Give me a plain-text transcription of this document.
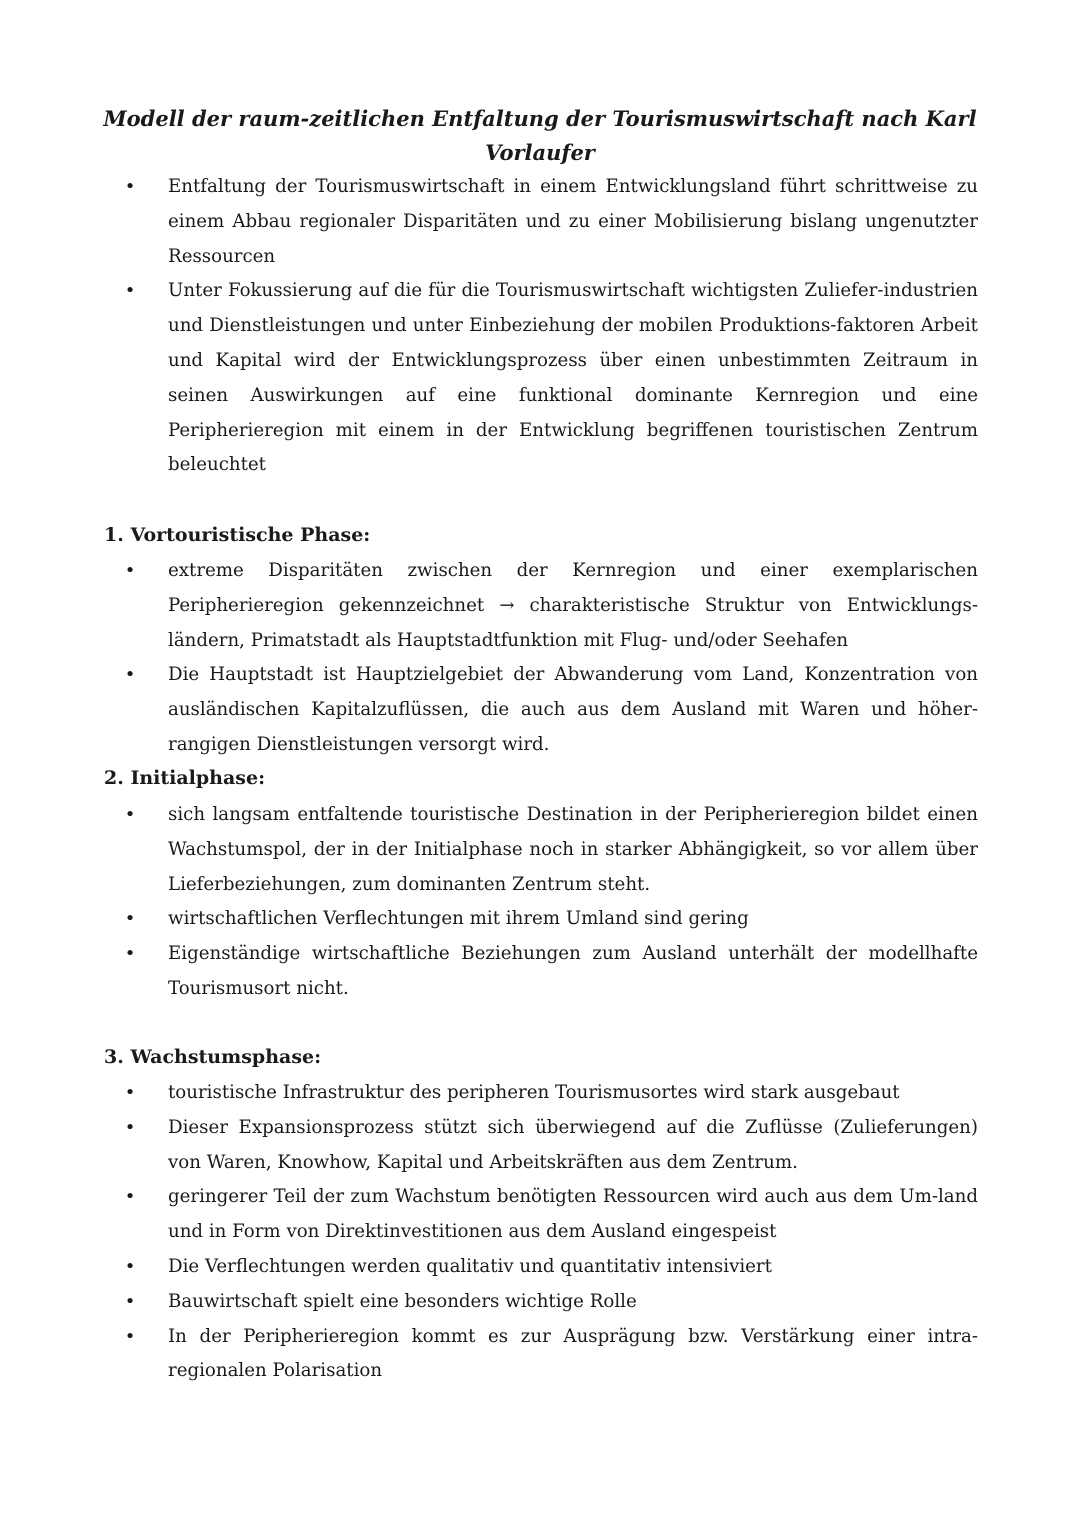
Modell der raum-zeitlichen Entfaltung der Tourismuswirtschaft nach Karl Vorlaufer
• Entfaltung der Tourismuswirtschaft in einem Entwicklungsland führt schrittweise zu einem Abbau regionaler Disparitäten und zu einer Mobilisierung bislang ungenutzter Ressourcen
• Unter Fokussierung auf die für die Tourismuswirtschaft wichtigsten Zuliefer-industrien und Dienstleistungen und unter Einbeziehung der mobilen Produktions-faktoren Arbeit und Kapital wird der Entwicklungsprozess über einen unbestimmten Zeitraum in seinen Auswirkungen auf eine funktional dominante Kernregion und eine Peripherieregion mit einem in der Entwicklung begriffenen touristischen Zentrum beleuchtet
1. Vortouristische Phase:
• extreme Disparitäten zwischen der Kernregion und einer exemplarischen Peripherieregion gekennzeichnet → charakteristische Struktur von Entwicklungs-ländern, Primatstadt als Hauptstadtfunktion mit Flug- und/oder Seehafen
• Die Hauptstadt ist Hauptzielgebiet der Abwanderung vom Land, Konzentration von ausländischen Kapitalzuflüssen, die auch aus dem Ausland mit Waren und höher-rangigen Dienstleistungen versorgt wird.
2. Initialphase:
• sich langsam entfaltende touristische Destination in der Peripherieregion bildet einen Wachstumspol, der in der Initialphase noch in starker Abhängigkeit, so vor allem über Lieferbeziehungen, zum dominanten Zentrum steht.
• wirtschaftlichen Verflechtungen mit ihrem Umland sind gering
• Eigenständige wirtschaftliche Beziehungen zum Ausland unterhält der modellhafte Tourismusort nicht.
3. Wachstumsphase:
• touristische Infrastruktur des peripheren Tourismusortes wird stark ausgebaut
• Dieser Expansionsprozess stützt sich überwiegend auf die Zuflüsse (Zulieferungen) von Waren, Knowhow, Kapital und Arbeitskräften aus dem Zentrum.
• geringerer Teil der zum Wachstum benötigten Ressourcen wird auch aus dem Um-land und in Form von Direktinvestitionen aus dem Ausland eingespeist
• Die Verflechtungen werden qualitativ und quantitativ intensiviert
• Bauwirtschaft spielt eine besonders wichtige Rolle
• In der Peripherieregion kommt es zur Ausprägung bzw. Verstärkung einer intra-regionalen Polarisation
